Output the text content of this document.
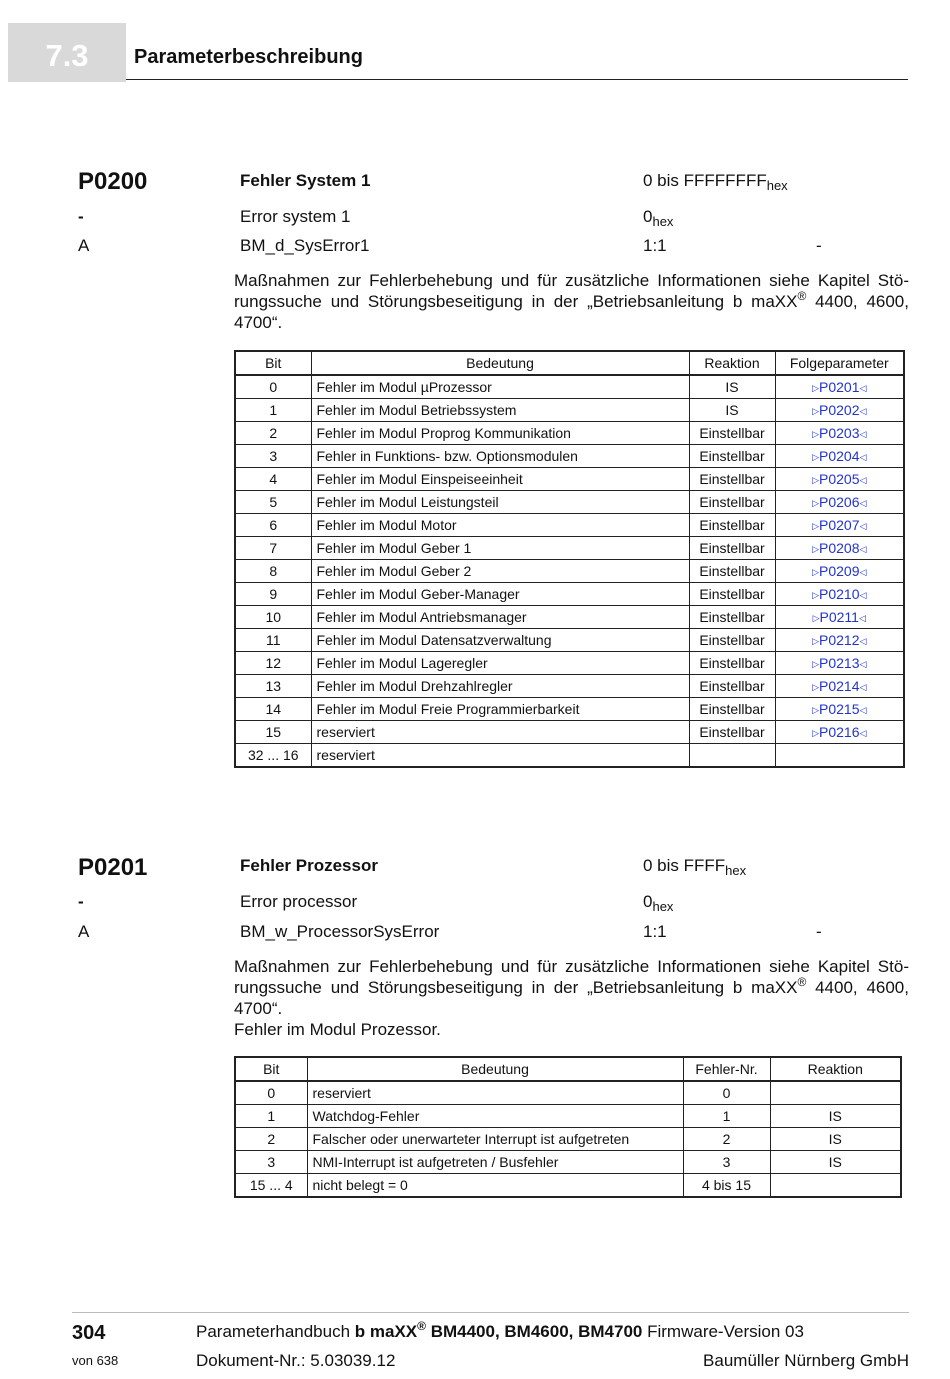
7.3	Parameterbeschreibung
P0200	Fehler System 1	0 bis $FFFFFFFF_{hex}$
-	Error system 1	$0_{hex}$
A	BM_d_SysError1	1:1	-
Maßnahmen zur Fehlerbehebung und für zusätzliche Informationen siehe Kapitel Stö-
rungssuche und Störungsbeseitigung in der „Betriebsanleitung b maXX® 4400, 4600,
4700“.
Bit	Bedeutung	Reaktion	Folgeparameter
0	Fehler im Modul µProzessor	IS	▷P0201◁
1	Fehler im Modul Betriebssystem	IS	▷P0202◁
2	Fehler im Modul Proprog Kommunikation	Einstellbar	▷P0203◁
3	Fehler in Funktions- bzw. Optionsmodulen	Einstellbar	▷P0204◁
4	Fehler im Modul Einspeiseeinheit	Einstellbar	▷P0205◁
5	Fehler im Modul Leistungsteil	Einstellbar	▷P0206◁
6	Fehler im Modul Motor	Einstellbar	▷P0207◁
7	Fehler im Modul Geber 1	Einstellbar	▷P0208◁
8	Fehler im Modul Geber 2	Einstellbar	▷P0209◁
9	Fehler im Modul Geber-Manager	Einstellbar	▷P0210◁
10	Fehler im Modul Antriebsmanager	Einstellbar	▷P0211◁
11	Fehler im Modul Datensatzverwaltung	Einstellbar	▷P0212◁
12	Fehler im Modul Lageregler	Einstellbar	▷P0213◁
13	Fehler im Modul Drehzahlregler	Einstellbar	▷P0214◁
14	Fehler im Modul Freie Programmierbarkeit	Einstellbar	▷P0215◁
15	reserviert	Einstellbar	▷P0216◁
32 ... 16	reserviert		
P0201	Fehler Prozessor	0 bis $FFFF_{hex}$
-	Error processor	$0_{hex}$
A	BM_w_ProcessorSysError	1:1	-
Maßnahmen zur Fehlerbehebung und für zusätzliche Informationen siehe Kapitel Stö-
rungssuche und Störungsbeseitigung in der „Betriebsanleitung b maXX® 4400, 4600,
4700“.
Fehler im Modul Prozessor.
Bit	Bedeutung	Fehler-Nr.	Reaktion
0	reserviert	0	
1	Watchdog-Fehler	1	IS
2	Falscher oder unerwarteter Interrupt ist aufgetreten	2	IS
3	NMI-Interrupt ist aufgetreten / Busfehler	3	IS
15 ... 4	nicht belegt = 0	4 bis 15	
304
von 638
Parameterhandbuch b maXX® BM4400, BM4600, BM4700 Firmware-Version 03
Dokument-Nr.: 5.03039.12	Baumüller Nürnberg GmbH
